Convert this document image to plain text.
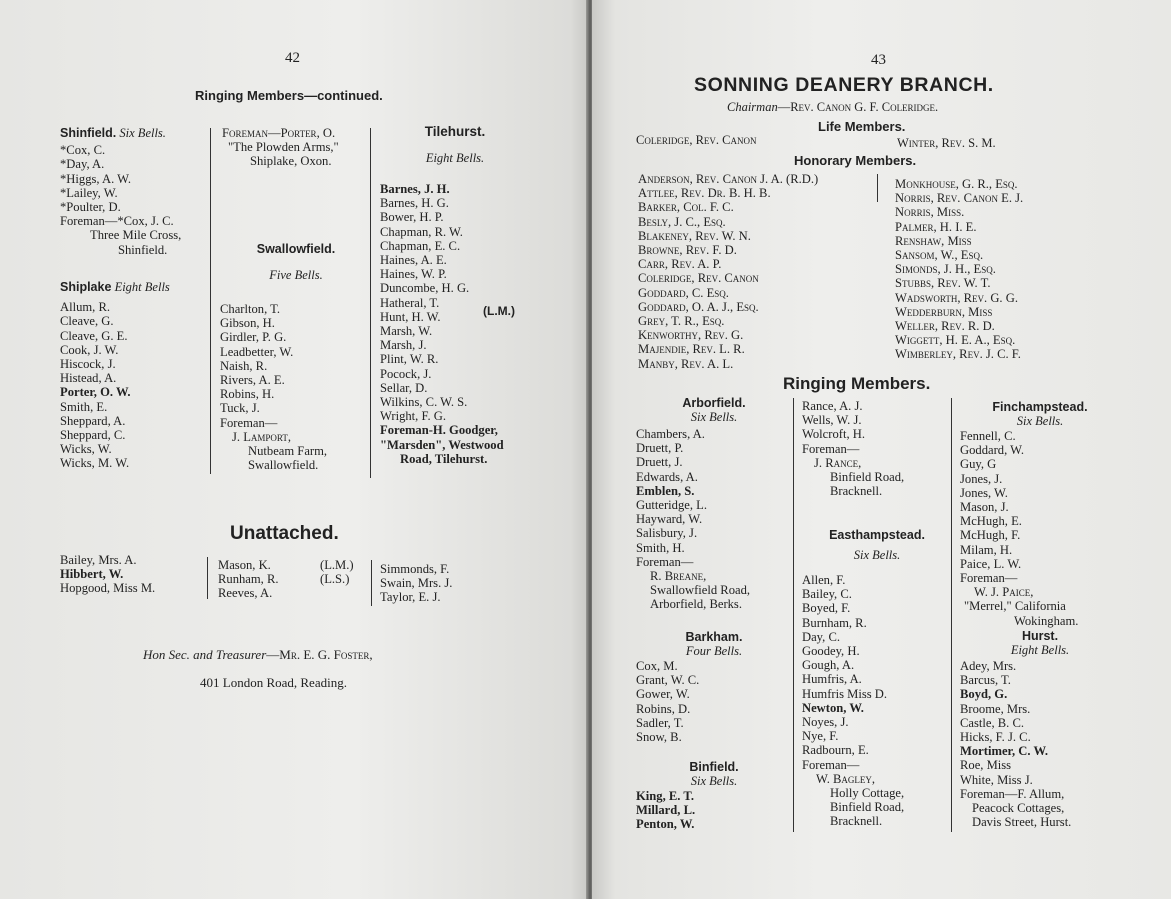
42
Ringing Members—continued.
Shinfield. Six Bells.
*Cox, C.
*Day, A.
*Higgs, A. W.
*Lailey, W.
*Poulter, D.
Foreman—*Cox, J. C.
Three Mile Cross,
Shinfield.
Shiplake Eight Bells
Allum, R.
Cleave, G.
Cleave, G. E.
Cook, J. W.
Hiscock, J.
Histead, A.
Porter, O. W.
Smith, E.
Sheppard, A.
Sheppard, C.
Wicks, W.
Wicks, M. W.
Foreman—Porter, O.
"The Plowden Arms,"
Shiplake, Oxon.
Swallowfield.
Five Bells.
Charlton, T.
Gibson, H.
Girdler, P. G.
Leadbetter, W.
Naish, R.
Rivers, A. E.
Robins, H.
Tuck, J.
Foreman—
J. Lamport,
Nutbeam Farm,
Swallowfield.
Tilehurst.
Eight Bells.
Barnes, J. H.
Barnes, H. G.
Bower, H. P.
Chapman, R. W.
Chapman, E. C.
Haines, A. E.
Haines, W. P.
Duncombe, H. G.
Hatheral, T.
Hunt, H. W.
Marsh, W.
Marsh, J.
Plint, W. R.
Pocock, J.
Sellar, D.
Wilkins, C. W. S.
Wright, F. G.
Foreman-H. Goodger,
"Marsden", Westwood
Road, Tilehurst.
(L.M.)
Unattached.
Bailey, Mrs. A.
Hibbert, W.
Hopgood, Miss M.
Mason, K.
Runham, R.
Reeves, A.
(L.M.)
(L.S.)
Simmonds, F.
Swain, Mrs. J.
Taylor, E. J.
Hon Sec. and Treasurer—Mr. E. G. Foster,
401 London Road, Reading.
43
SONNING DEANERY BRANCH.
Chairman—Rev. Canon G. F. Coleridge.
Life Members.
Coleridge, Rev. Canon	Winter, Rev. S. M.
Honorary Members.
Anderson, Rev. Canon J. A. (R.D.)
Attlee, Rev. Dr. B. H. B.
Barker, Col. F. C.
Besly, J. C., Esq.
Blakeney, Rev. W. N.
Browne, Rev. F. D.
Carr, Rev. A. P.
Coleridge, Rev. Canon
Goddard, C. Esq.
Goddard, O. A. J., Esq.
Grey, T. R., Esq.
Kenworthy, Rev. G.
Majendie, Rev. L. R.
Manby, Rev. A. L.
Monkhouse, G. R., Esq.
Norris, Rev. Canon E. J.
Norris, Miss.
Palmer, H. I. E.
Renshaw, Miss
Sansom, W., Esq.
Simonds, J. H., Esq.
Stubbs, Rev. W. T.
Wadsworth, Rev. G. G.
Wedderburn, Miss
Weller, Rev. R. D.
Wiggett, H. E. A., Esq.
Wimberley, Rev. J. C. F.
Ringing Members.
Arborfield.
Six Bells.
Chambers, A.
Druett, P.
Druett, J.
Edwards, A.
Emblen, S.
Gutteridge, L.
Hayward, W.
Salisbury, J.
Smith, H.
Foreman—
R. Breane,
Swallowfield Road,
Arborfield, Berks.
Barkham.
Four Bells.
Cox, M.
Grant, W. C.
Gower, W.
Robins, D.
Sadler, T.
Snow, B.
Binfield.
Six Bells.
King, E. T.
Millard, L.
Penton, W.
Rance, A. J.
Wells, W. J.
Wolcroft, H.
Foreman—
J. Rance,
Binfield Road,
Bracknell.
Easthampstead.
Six Bells.
Allen, F.
Bailey, C.
Boyed, F.
Burnham, R.
Day, C.
Goodey, H.
Gough, A.
Humfris, A.
Humfris Miss D.
Newton, W.
Noyes, J.
Nye, F.
Radbourn, E.
Foreman—
W. Bagley,
Holly Cottage,
Binfield Road,
Bracknell.
Finchampstead.
Six Bells.
Fennell, C.
Goddard, W.
Guy, G
Jones, J.
Jones, W.
Mason, J.
McHugh, E.
McHugh, F.
Milam, H.
Paice, L. W.
Foreman—
W. J. Paice,
"Merrel," California
Wokingham.
Hurst.
Eight Bells.
Adey, Mrs.
Barcus, T.
Boyd, G.
Broome, Mrs.
Castle, B. C.
Hicks, F. J. C.
Mortimer, C. W.
Roe, Miss
White, Miss J.
Foreman—F. Allum,
Peacock Cottages,
Davis Street, Hurst.
